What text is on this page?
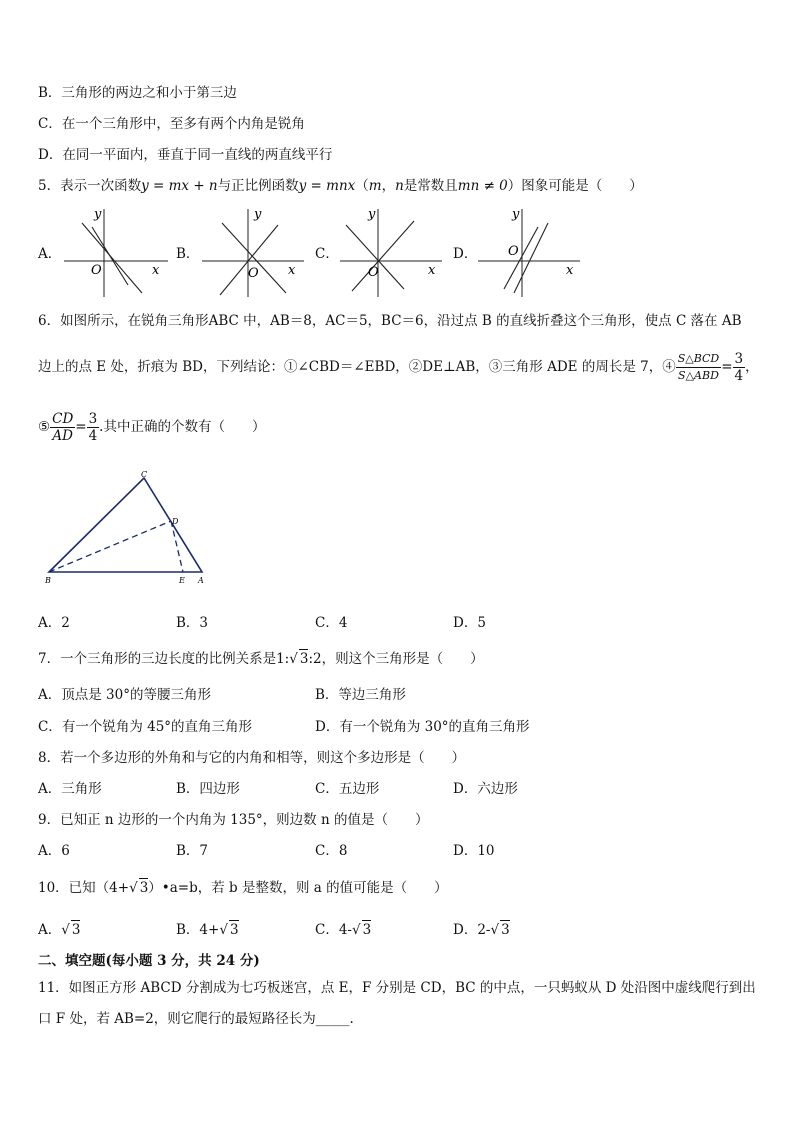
B．三角形的两边之和小于第三边
C．在一个三角形中，至多有两个内角是锐角
D．在同一平面内，垂直于同一直线的两直线平行
5．表示一次函数y = mx + n与正比例函数y = mnx（m，n是常数且mn ≠ 0）图象可能是（　　）
A．	B．	C．	D．
y
x
O
y
x
O
y
x
O
y
x
O
6．如图所示，在锐角三角形ABC 中，AB＝8，AC＝5，BC＝6，沿过点 B 的直线折叠这个三角形，使点 C 落在 AB
边上的点 E 处，折痕为 BD，下列结论：①∠CBD＝∠EBD，②DE⊥AB，③三角形 ADE 的周长是 7，④ $\frac{\text{S△BCD}}{\text{S△ABD}} = \frac{3}{4}$ ，
⑤ $\frac{CD}{AD} = \frac{3}{4}$ .其中正确的个数有（　　）
C
D
B	E A
A．2	B．3	C．4	D．5
7．一个三角形的三边长度的比例关系是1:√ 3:2，则这个三角形是（　　）
A．顶点是 30°的等腰三角形	B．等边三角形
C．有一个锐角为 45°的直角三角形	D．有一个锐角为 30°的直角三角形
8．若一个多边形的外角和与它的内角和相等，则这个多边形是（　　）
A．三角形	B．四边形	C．五边形	D．六边形
9．已知正 n 边形的一个内角为 135°，则边数 n 的值是（　　）
A．6	B．7	C．8	D．10
10．已知（4+√ 3）•a=b，若 b 是整数，则 a 的值可能是（　　）
A．√ 3	B．4+√ 3	C．4-√ 3	D．2-√ 3
二、填空题(每小题 3 分，共 24 分)
11．如图正方形 ABCD 分割成为七巧板迷宫，点 E，F 分别是 CD，BC 的中点，一只蚂蚁从 D 处沿图中虚线爬行到出
口 F 处，若 AB=2，则它爬行的最短路径长为_____.
